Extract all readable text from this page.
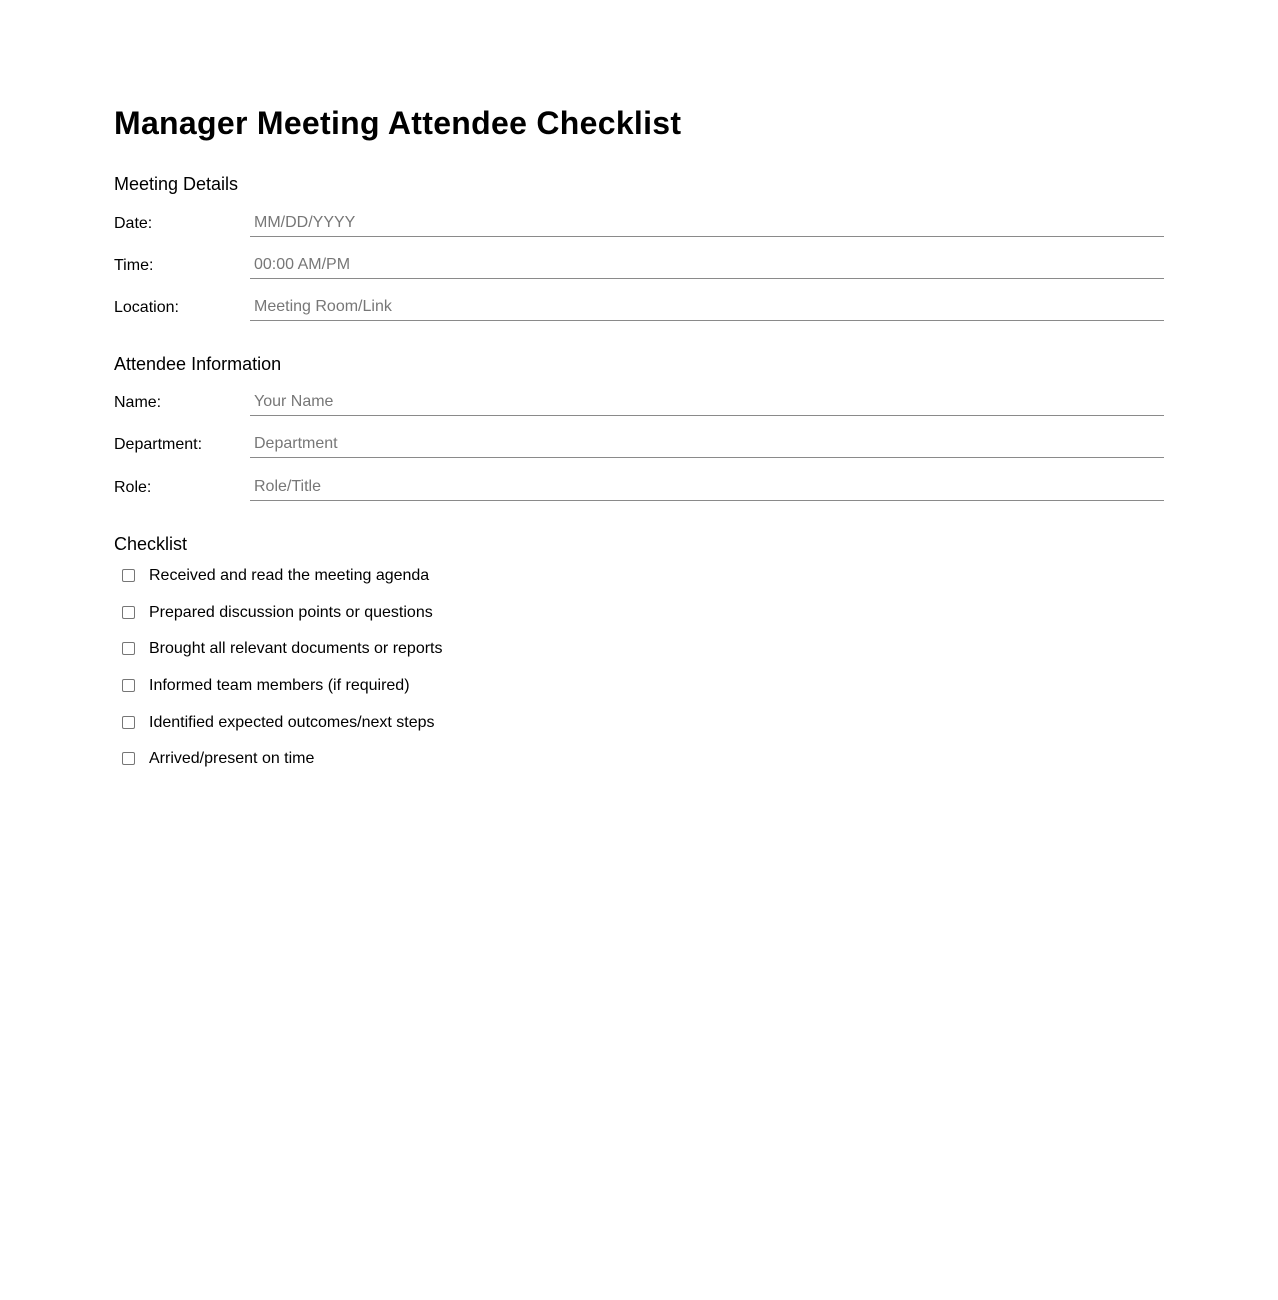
Manager Meeting Attendee Checklist
Meeting Details
Date:
MM/DD/YYYY
Time:
00:00 AM/PM
Location:
Meeting Room/Link
Attendee Information
Name:
Your Name
Department:
Department
Role:
Role/Title
Checklist
Received and read the meeting agenda
Prepared discussion points or questions
Brought all relevant documents or reports
Informed team members (if required)
Identified expected outcomes/next steps
Arrived/present on time
